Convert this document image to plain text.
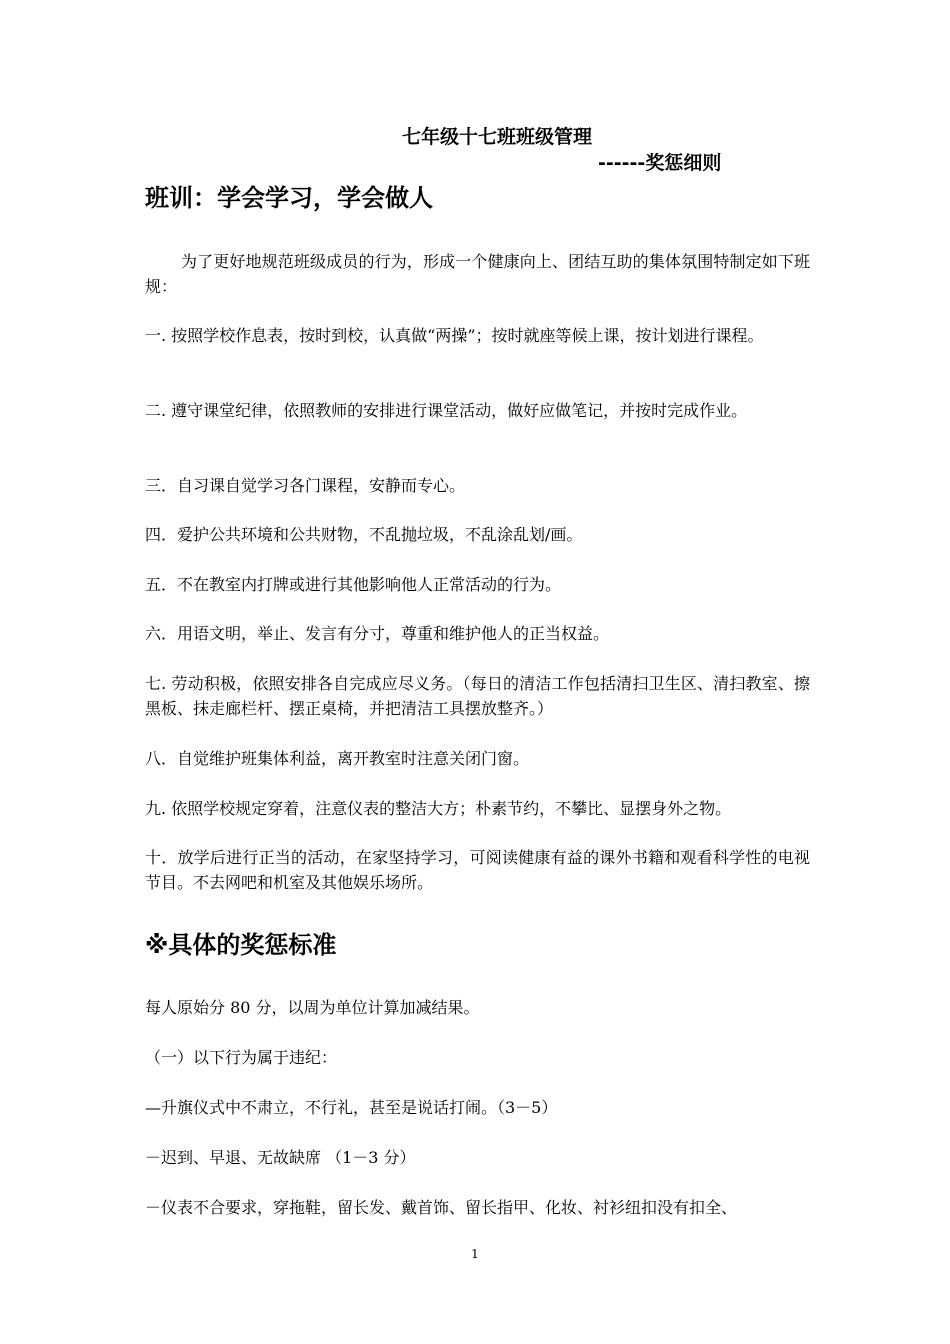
七年级十七班班级管理
------奖惩细则
班训：学会学习，学会做人

为了更好地规范班级成员的行为，形成一个健康向上、团结互助的集体氛围特制定如下班规：

一. 按照学校作息表，按时到校，认真做“两操”；按时就座等候上课，按计划进行课程。

二. 遵守课堂纪律，依照教师的安排进行课堂活动，做好应做笔记，并按时完成作业。

三．自习课自觉学习各门课程，安静而专心。
四．爱护公共环境和公共财物，不乱抛垃圾，不乱涂乱划/画。
五．不在教室内打牌或进行其他影响他人正常活动的行为。
六．用语文明，举止、发言有分寸，尊重和维护他人的正当权益。

七. 劳动积极，依照安排各自完成应尽义务。（每日的清洁工作包括清扫卫生区、清扫教室、擦黑板、抹走廊栏杆、摆正桌椅，并把清洁工具摆放整齐。）

八．自觉维护班集体利益，离开教室时注意关闭门窗。
九. 依照学校规定穿着，注意仪表的整洁大方；朴素节约，不攀比、显摆身外之物。

十．放学后进行正当的活动，在家坚持学习，可阅读健康有益的课外书籍和观看科学性的电视节目。不去网吧和机室及其他娱乐场所。

※具体的奖惩标准
每人原始分 80 分，以周为单位计算加减结果。
（一）以下行为属于违纪：
—升旗仪式中不肃立，不行礼，甚至是说话打闹。（3－5）
－迟到、早退、无故缺席 （1－3 分）
－仪表不合要求，穿拖鞋，留长发、戴首饰、留长指甲、化妆、衬衫纽扣没有扣全、
1
